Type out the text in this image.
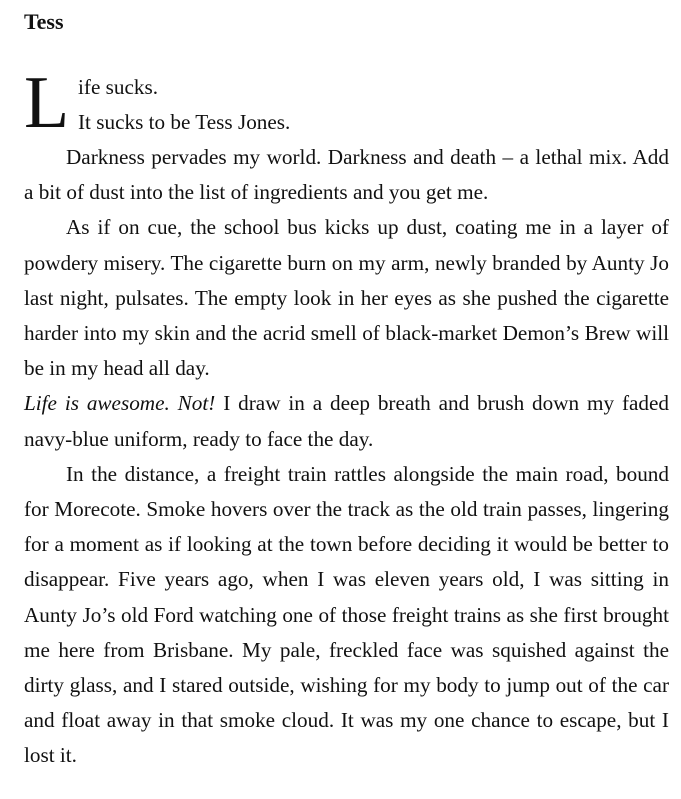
Tess
L ife sucks.
It sucks to be Tess Jones.

Darkness pervades my world. Darkness and death – a lethal mix. Add a bit of dust into the list of ingredients and you get me.

As if on cue, the school bus kicks up dust, coating me in a layer of powdery misery. The cigarette burn on my arm, newly branded by Aunty Jo last night, pulsates. The empty look in her eyes as she pushed the cigarette harder into my skin and the acrid smell of black-market Demon’s Brew will be in my head all day.

Life is awesome. Not! I draw in a deep breath and brush down my faded navy-blue uniform, ready to face the day.

In the distance, a freight train rattles alongside the main road, bound for Morecote. Smoke hovers over the track as the old train passes, lingering for a moment as if looking at the town before deciding it would be better to disappear. Five years ago, when I was eleven years old, I was sitting in Aunty Jo’s old Ford watching one of those freight trains as she first brought me here from Brisbane. My pale, freckled face was squished against the dirty glass, and I stared outside, wishing for my body to jump out of the car and float away in that smoke cloud. It was my one chance to escape, but I lost it.
